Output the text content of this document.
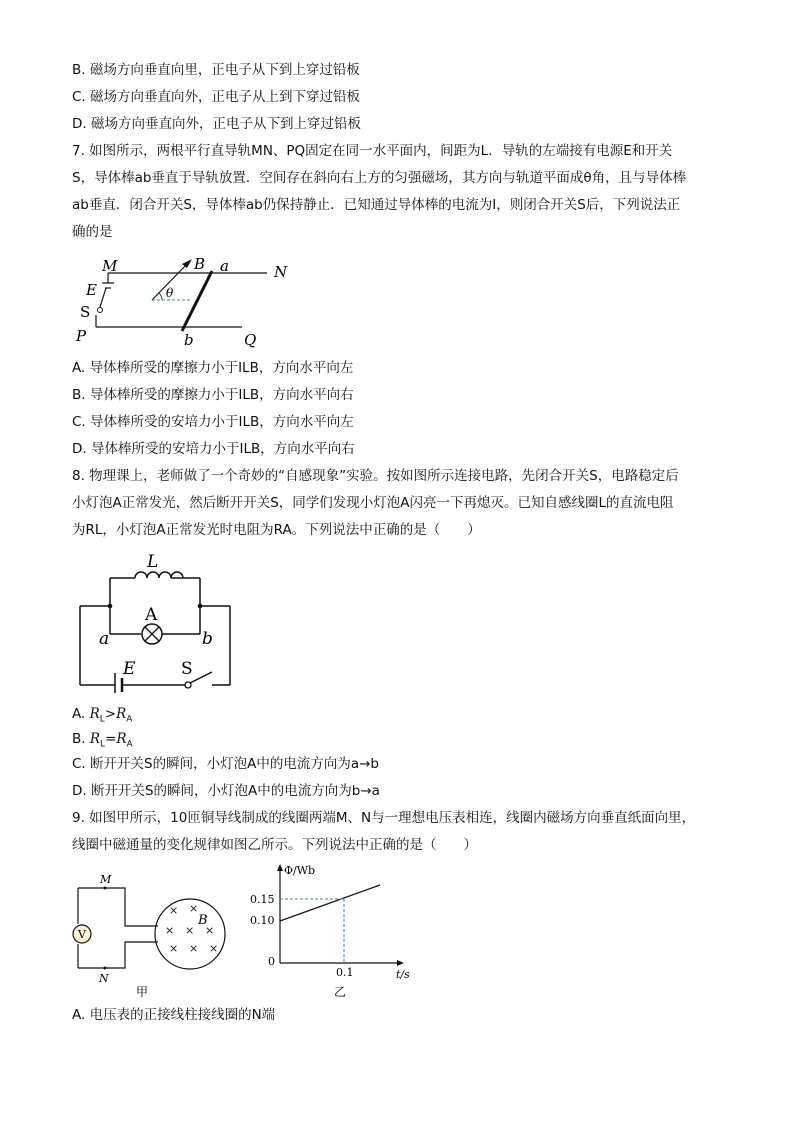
B. 磁场方向垂直向里，正电子从下到上穿过铅板
C. 磁场方向垂直向外，正电子从上到下穿过铅板
D. 磁场方向垂直向外，正电子从下到上穿过铅板
7. 如图所示，两根平行直导轨MN、PQ固定在同一水平面内，间距为L．导轨的左端接有电源E和开关
S，导体棒ab垂直于导轨放置．空间存在斜向右上方的匀强磁场，其方向与轨道平面成θ角，且与导体棒
ab垂直．闭合开关S，导体棒ab仍保持静止．已知通过导体棒的电流为I，则闭合开关S后，下列说法正
确的是
M	N
P	Q
B a
b
E
S
θ
A. 导体棒所受的摩擦力小于ILB，方向水平向左
B. 导体棒所受的摩擦力小于ILB，方向水平向右
C. 导体棒所受的安培力小于ILB，方向水平向左
D. 导体棒所受的安培力小于ILB，方向水平向右
8. 物理课上，老师做了一个奇妙的“自感现象”实验。按如图所示连接电路，先闭合开关S，电路稳定后
小灯泡A正常发光，然后断开开关S，同学们发现小灯泡A闪亮一下再熄灭。已知自感线圈L的直流电阻
为RL，小灯泡A正常发光时电阻为RA。下列说法中正确的是（　　）
L
A
a	b
E	S
A. $R_L>R_A$
B. $R_L=R_A$
C. 断开开关S的瞬间，小灯泡A中的电流方向为a→b
D. 断开开关S的瞬间，小灯泡A中的电流方向为b→a
9. 如图甲所示，10匝铜导线制成的线圈两端M、N与一理想电压表相连，线圈内磁场方向垂直纸面向里，
线圈中磁通量的变化规律如图乙所示。下列说法中正确的是（　　）
× ×
×	×
× × ×
×
M
N
V
B
甲
Φ/Wb
t/s
0.15
0.10
0
0.1
乙
A. 电压表的正接线柱接线圈的N端
